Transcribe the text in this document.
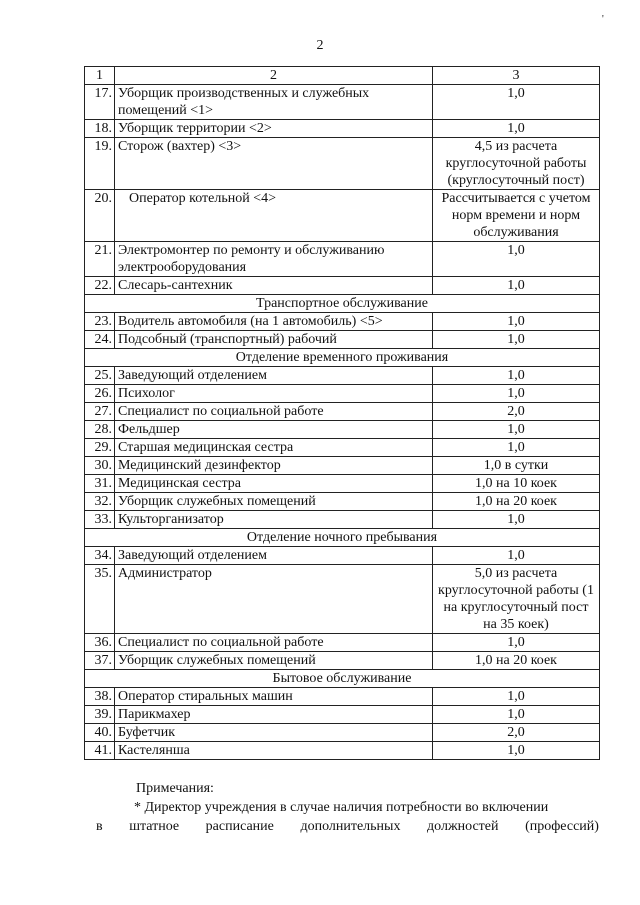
'
2
1	2	3
17.	Уборщик производственных и служебных помещений <1>	1,0
18.	Уборщик территории <2>	1,0
19.	Сторож (вахтер) <3>	4,5 из расчета круглосуточной работы (круглосуточный пост)
20.	Оператор котельной <4>	Рассчитывается с учетом норм времени и норм обслуживания
21.	Электромонтер по ремонту и обслуживанию электрооборудования	1,0
22.	Слесарь-сантехник	1,0
Транспортное обслуживание		
23.	Водитель автомобиля (на 1 автомобиль) <5>	1,0
24.	Подсобный (транспортный) рабочий	1,0
Отделение временного проживания		
25.	Заведующий отделением	1,0
26.	Психолог	1,0
27.	Специалист по социальной работе	2,0
28.	Фельдшер	1,0
29.	Старшая медицинская сестра	1,0
30.	Медицинский дезинфектор	1,0 в сутки
31.	Медицинская сестра	1,0 на 10 коек
32.	Уборщик служебных помещений	1,0 на 20 коек
33.	Культорганизатор	1,0
Отделение ночного пребывания		
34.	Заведующий отделением	1,0
35.	Администратор	5,0 из расчета круглосуточной работы (1 на круглосуточный пост на 35 коек)
36.	Специалист по социальной работе	1,0
37.	Уборщик служебных помещений	1,0 на 20 коек
Бытовое обслуживание		
38.	Оператор стиральных машин	1,0
39.	Парикмахер	1,0
40.	Буфетчик	2,0
41.	Кастелянша	1,0
Примечания:
* Директор учреждения в случае наличия потребности во включении
в штатное расписание дополнительных должностей (профессий)
